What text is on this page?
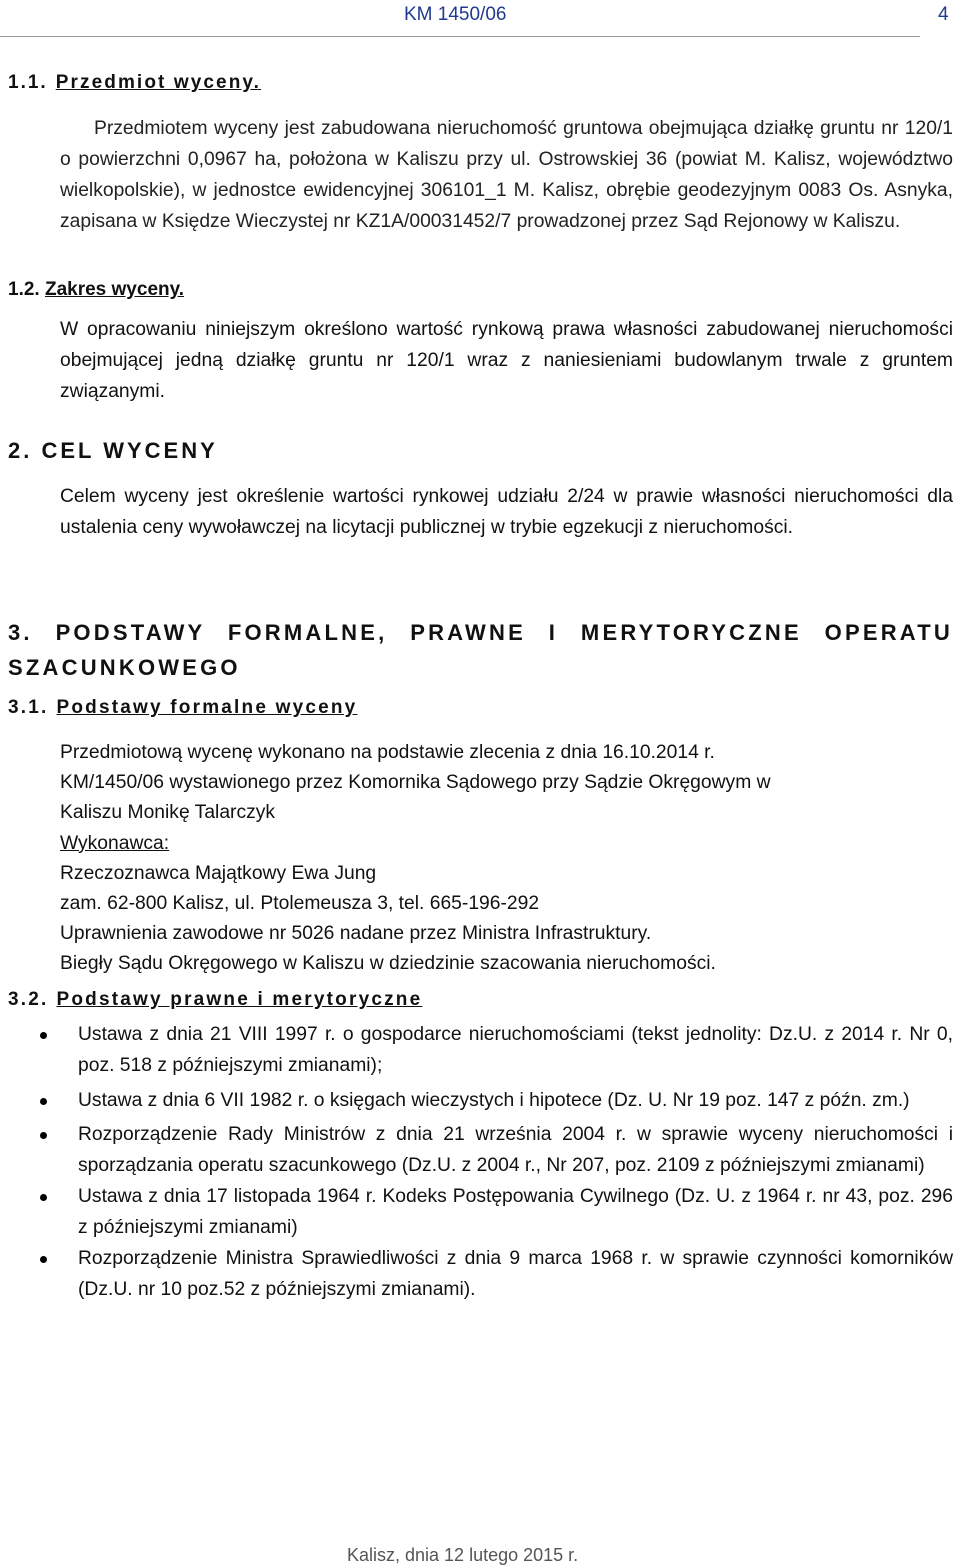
KM 1450/06	4
1.1. Przedmiot wyceny.

Przedmiotem wyceny jest zabudowana nieruchomość gruntowa obejmująca działkę gruntu nr 120/1 o powierzchni 0,0967 ha, położona w Kaliszu przy ul. Ostrowskiej 36 (powiat M. Kalisz, województwo wielkopolskie), w jednostce ewidencyjnej 306101_1 M. Kalisz, obrębie geodezyjnym 0083 Os. Asnyka, zapisana w Księdze Wieczystej nr KZ1A/00031452/7 prowadzonej przez Sąd Rejonowy w Kaliszu.

1.2. Zakres wyceny.

W opracowaniu niniejszym określono wartość rynkową prawa własności zabudowanej nieruchomości obejmującej jedną działkę gruntu nr 120/1 wraz z naniesieniami budowlanym trwale z gruntem związanymi.

2. CEL WYCENY

Celem wyceny jest określenie wartości rynkowej udziału 2/24 w prawie własności nieruchomości dla ustalenia ceny wywoławczej na licytacji publicznej w trybie egzekucji z nieruchomości.

3. PODSTAWY FORMALNE, PRAWNE I MERYTORYCZNE OPERATU SZACUNKOWEGO
3.1. Podstawy formalne wyceny
Przedmiotową wycenę wykonano na podstawie zlecenia z dnia 16.10.2014 r.
KM/1450/06 wystawionego przez Komornika Sądowego przy Sądzie Okręgowym w
Kaliszu Monikę Talarczyk
Wykonawca:
Rzeczoznawca Majątkowy Ewa Jung
zam. 62-800 Kalisz, ul. Ptolemeusza 3, tel. 665-196-292
Uprawnienia zawodowe nr 5026 nadane przez Ministra Infrastruktury.
Biegły Sądu Okręgowego w Kaliszu w dziedzinie szacowania nieruchomości.
3.2. Podstawy prawne i merytoryczne
Ustawa z dnia 21 VIII 1997 r. o gospodarce nieruchomościami (tekst jednolity: Dz.U. z 2014 r. Nr 0, poz. 518 z późniejszymi zmianami);
Ustawa z dnia 6 VII 1982 r. o księgach wieczystych i hipotece (Dz. U. Nr 19 poz. 147 z późn. zm.)
Rozporządzenie Rady Ministrów z dnia 21 września 2004 r. w sprawie wyceny nieruchomości i sporządzania operatu szacunkowego (Dz.U. z 2004 r., Nr 207, poz. 2109 z późniejszymi zmianami)
Ustawa z dnia 17 listopada 1964 r. Kodeks Postępowania Cywilnego (Dz. U. z 1964 r. nr 43, poz. 296 z późniejszymi zmianami)
Rozporządzenie Ministra Sprawiedliwości z dnia 9 marca 1968 r. w sprawie czynności komorników (Dz.U. nr 10 poz.52 z późniejszymi zmianami).
Kalisz, dnia 12 lutego 2015 r.
